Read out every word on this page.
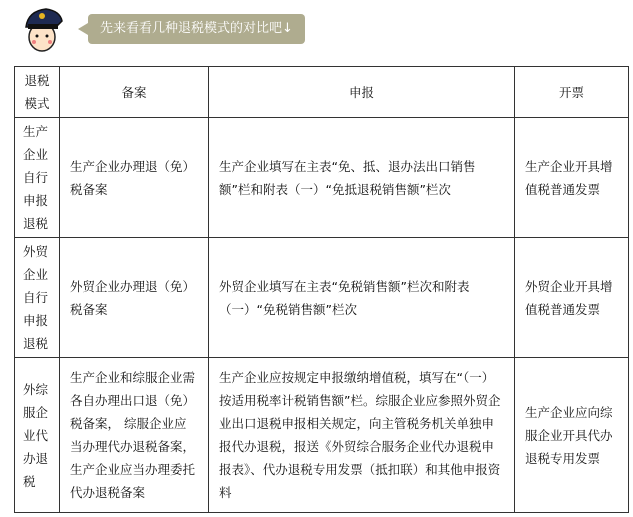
先来看看几种退税模式的对比吧↓
退税模式	备案	申报	开票
生产企业自行申报退税	生产企业办理退（免）税备案	生产企业填写在主表“免、抵、退办法出口销售额”栏和附表（一）“免抵退税销售额”栏次	生产企业开具增值税普通发票
外贸企业自行申报退税	外贸企业办理退（免）税备案	外贸企业填写在主表“免税销售额”栏次和附表（一）“免税销售额”栏次	外贸企业开具增值税普通发票
外综服企业代办退税	生产企业和综服企业需各自办理出口退（免）税备案， 综服企业应当办理代办退税备案，生产企业应当办理委托代办退税备案	生产企业应按规定申报缴纳增值税，填写在“（一）按适用税率计税销售额”栏。综服企业应参照外贸企业出口退税申报相关规定，向主管税务机关单独申报代办退税，报送《外贸综合服务企业代办退税申报表》、代办退税专用发票（抵扣联）和其他申报资料	生产企业应向综服企业开具代办退税专用发票
